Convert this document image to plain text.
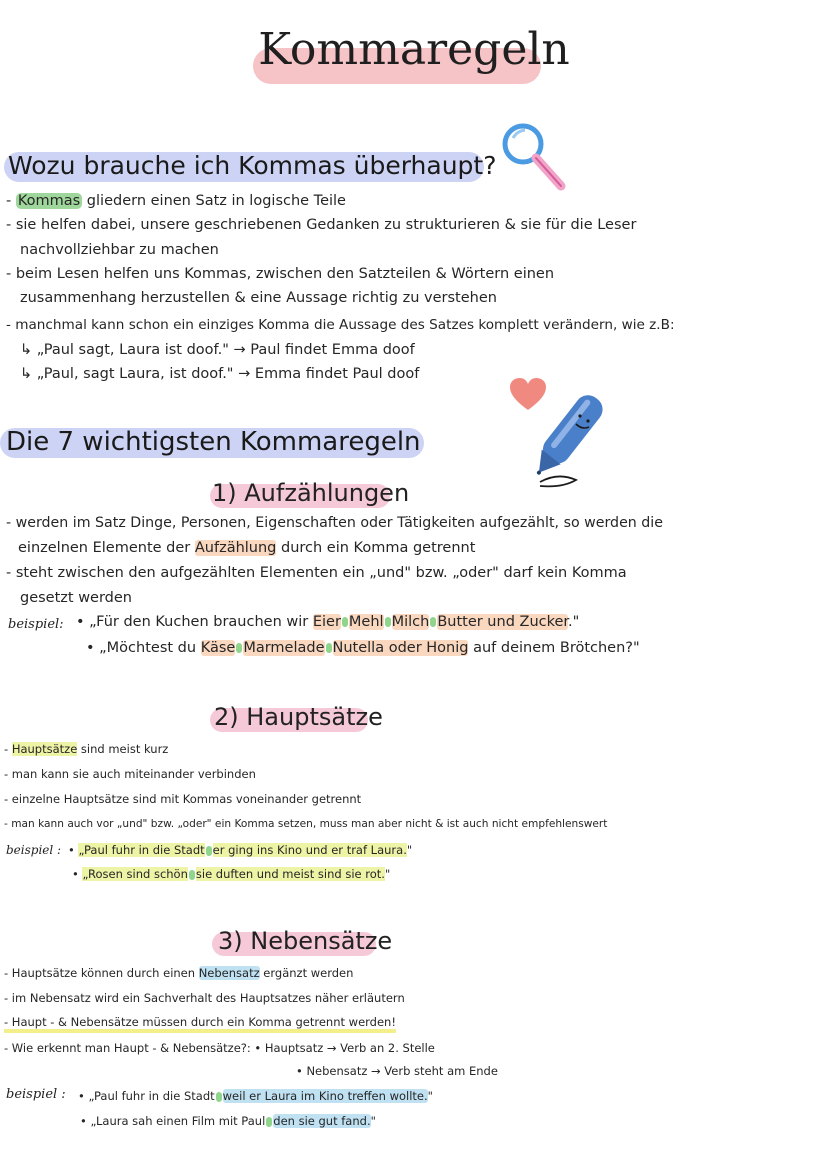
Kommaregeln
Wozu brauche ich Kommas überhaupt?
- Kommas gliedern einen Satz in logische Teile
- sie helfen dabei, unsere geschriebenen Gedanken zu strukturieren & sie für die Leser
nachvollziehbar zu machen
- beim Lesen helfen uns Kommas, zwischen den Satzteilen & Wörtern einen
zusammenhang herzustellen & eine Aussage richtig zu verstehen
- manchmal kann schon ein einziges Komma die Aussage des Satzes komplett verändern, wie z.B:
↳ „Paul sagt, Laura ist doof." → Paul findet Emma doof
↳ „Paul, sagt Laura, ist doof." → Emma findet Paul doof
Die 7 wichtigsten Kommaregeln
1) Aufzählungen
- werden im Satz Dinge, Personen, Eigenschaften oder Tätigkeiten aufgezählt, so werden die
einzelnen Elemente der Aufzählung durch ein Komma getrennt
- steht zwischen den aufgezählten Elementen ein „und" bzw. „oder" darf kein Komma
gesetzt werden
beispiel: • „Für den Kuchen brauchen wir Eier Mehl Milch Butter und Zucker."
• „Möchtest du Käse Marmelade Nutella oder Honig auf deinem Brötchen?"
2) Hauptsätze
- Hauptsätze sind meist kurz
- man kann sie auch miteinander verbinden
- einzelne Hauptsätze sind mit Kommas voneinander getrennt
- man kann auch vor „und" bzw. „oder" ein Komma setzen, muss man aber nicht & ist auch nicht empfehlenswert
beispiel : • „Paul fuhr in die Stadt er ging ins Kino und er traf Laura."
• „Rosen sind schön sie duften und meist sind sie rot."
3) Nebensätze
- Hauptsätze können durch einen Nebensatz ergänzt werden
- im Nebensatz wird ein Sachverhalt des Hauptsatzes näher erläutern
- Haupt - & Nebensätze müssen durch ein Komma getrennt werden!
- Wie erkennt man Haupt - & Nebensätze?: • Hauptsatz → Verb an 2. Stelle
• Nebensatz → Verb steht am Ende
beispiel : • „Paul fuhr in die Stadt weil er Laura im Kino treffen wollte."
• „Laura sah einen Film mit Paul den sie gut fand."
